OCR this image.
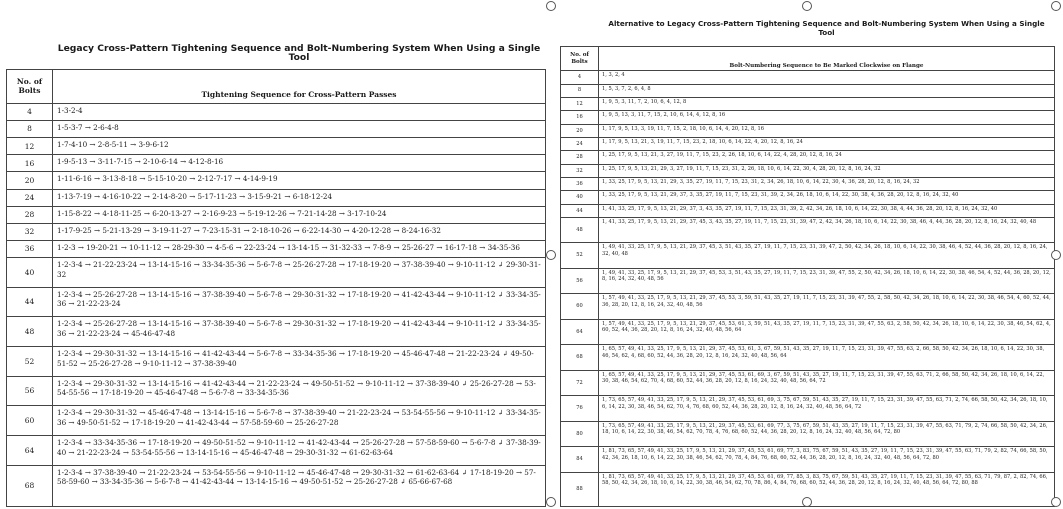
	Legacy Cross-Pattern Tightening Sequence and Bolt-Numbering System When Using a Single Tool
No. of Bolts	Tightening Sequence for Cross-Pattern Passes
4	1-3-2-4
8	1-5-3-7 → 2-6-4-8
12	1-7-4-10 → 2-8-5-11 → 3-9-6-12
16	1-9-5-13 → 3-11-7-15 → 2-10-6-14 → 4-12-8-16
20	1-11-6-16 → 3-13-8-18 → 5-15-10-20 → 2-12-7-17 → 4-14-9-19
24	1-13-7-19 → 4-16-10-22 → 2-14-8-20 → 5-17-11-23 → 3-15-9-21 → 6-18-12-24
28	1-15-8-22 → 4-18-11-25 → 6-20-13-27 → 2-16-9-23 → 5-19-12-26 → 7-21-14-28 → 3-17-10-24
32	1-17-9-25 → 5-21-13-29 → 3-19-11-27 → 7-23-15-31 → 2-18-10-26 → 6-22-14-30 → 4-20-12-28 → 8-24-16-32
36	1-2-3 → 19-20-21 → 10-11-12 → 28-29-30 → 4-5-6 → 22-23-24 → 13-14-15 → 31-32-33 → 7-8-9 → 25-26-27 → 16-17-18 → 34-35-36
40	1-2-3-4 → 21-22-23-24 → 13-14-15-16 → 33-34-35-36 → 5-6-7-8 → 25-26-27-28 → 17-18-19-20 → 37-38-39-40 → 9-10-11-12 ↲ 29-30-31-32
44	1-2-3-4 → 25-26-27-28 → 13-14-15-16 → 37-38-39-40 → 5-6-7-8 → 29-30-31-32 → 17-18-19-20 → 41-42-43-44 → 9-10-11-12 ↲ 33-34-35-36 → 21-22-23-24
48	1-2-3-4 → 25-26-27-28 → 13-14-15-16 → 37-38-39-40 → 5-6-7-8 → 29-30-31-32 → 17-18-19-20 → 41-42-43-44 → 9-10-11-12 ↲ 33-34-35-36 → 21-22-23-24 → 45-46-47-48
52	1-2-3-4 → 29-30-31-32 → 13-14-15-16 → 41-42-43-44 → 5-6-7-8 → 33-34-35-36 → 17-18-19-20 → 45-46-47-48 → 21-22-23-24 ↲ 49-50-51-52 → 25-26-27-28 → 9-10-11-12 → 37-38-39-40
56	1-2-3-4 → 29-30-31-32 → 13-14-15-16 → 41-42-43-44 → 21-22-23-24 → 49-50-51-52 → 9-10-11-12 → 37-38-39-40 ↲ 25-26-27-28 → 53-54-55-56 → 17-18-19-20 → 45-46-47-48 → 5-6-7-8 → 33-34-35-36
60	1-2-3-4 → 29-30-31-32 → 45-46-47-48 → 13-14-15-16 → 5-6-7-8 → 37-38-39-40 → 21-22-23-24 → 53-54-55-56 → 9-10-11-12 ↲ 33-34-35-36 → 49-50-51-52 → 17-18-19-20 → 41-42-43-44 → 57-58-59-60 → 25-26-27-28
64	1-2-3-4 → 33-34-35-36 → 17-18-19-20 → 49-50-51-52 → 9-10-11-12 → 41-42-43-44 → 25-26-27-28 → 57-58-59-60 → 5-6-7-8 ↲ 37-38-39-40 → 21-22-23-24 → 53-54-55-56 → 13-14-15-16 → 45-46-47-48 → 29-30-31-32 → 61-62-63-64
68	1-2-3-4 → 37-38-39-40 → 21-22-23-24 → 53-54-55-56 → 9-10-11-12 → 45-46-47-48 → 29-30-31-32 → 61-62-63-64 ↲ 17-18-19-20 → 57-58-59-60 → 33-34-35-36 → 5-6-7-8 → 41-42-43-44 → 13-14-15-16 → 49-50-51-52 → 25-26-27-28 ↲ 65-66-67-68
	Alternative to Legacy Cross-Pattern Tightening Sequence and Bolt-Numbering System When Using a Single Tool
No. of Bolts	Bolt-Numbering Sequence to Be Marked Clockwise on Flange
4	1, 3, 2, 4
8	1, 5, 3, 7, 2, 6, 4, 8
12	1, 9, 5, 3, 11, 7, 2, 10, 6, 4, 12, 8
16	1, 9, 5, 13, 3, 11, 7, 15, 2, 10, 6, 14, 4, 12, 8, 16
20	1, 17, 9, 5, 13, 3, 19, 11, 7, 15, 2, 18, 10, 6, 14, 4, 20, 12, 8, 16
24	1, 17, 9, 5, 13, 21, 3, 19, 11, 7, 15, 23, 2, 18, 10, 6, 14, 22, 4, 20, 12, 8, 16, 24
28	1, 25, 17, 9, 5, 13, 21, 3, 27, 19, 11, 7, 15, 23, 2, 26, 18, 10, 6, 14, 22, 4, 28, 20, 12, 8, 16, 24
32	1, 25, 17, 9, 5, 13, 21, 29, 3, 27, 19, 11, 7, 15, 23, 31, 2, 26, 18, 10, 6, 14, 22, 30, 4, 28, 20, 12, 8, 16, 24, 32
36	1, 33, 25, 17, 9, 5, 13, 21, 29, 3, 35, 27, 19, 11, 7, 15, 23, 31, 2, 34, 26, 18, 10, 6, 14, 22, 30, 4, 36, 28, 20, 12, 8, 16, 24, 32
40	1, 33, 25, 17, 9, 5, 13, 21, 29, 37, 3, 35, 27, 19, 11, 7, 15, 23, 31, 39, 2, 34, 26, 18, 10, 6, 14, 22, 30, 38, 4, 36, 28, 20, 12, 8, 16, 24, 32, 40
44	1, 41, 33, 25, 17, 9, 5, 13, 21, 29, 37, 3, 43, 35, 27, 19, 11, 7, 15, 23, 31, 39, 2, 42, 34, 26, 18, 10, 6, 14, 22, 30, 38, 4, 44, 36, 28, 20, 12, 8, 16, 24, 32, 40
48	1, 41, 33, 25, 17, 9, 5, 13, 21, 29, 37, 45, 3, 43, 35, 27, 19, 11, 7, 15, 23, 31, 39, 47, 2, 42, 34, 26, 18, 10, 6, 14, 22, 30, 38, 46, 4, 44, 36, 28, 20, 12, 8, 16, 24, 32, 40, 48
52	1, 49, 41, 33, 25, 17, 9, 5, 13, 21, 29, 37, 45, 3, 51, 43, 35, 27, 19, 11, 7, 15, 23, 31, 39, 47, 2, 50, 42, 34, 26, 18, 10, 6, 14, 22, 30, 38, 46, 4, 52, 44, 36, 28, 20, 12, 8, 16, 24, 32, 40, 48
56	1, 49, 41, 33, 25, 17, 9, 5, 13, 21, 29, 37, 45, 53, 3, 51, 43, 35, 27, 19, 11, 7, 15, 23, 31, 39, 47, 55, 2, 50, 42, 34, 26, 18, 10, 6, 14, 22, 30, 38, 46, 54, 4, 52, 44, 36, 28, 20, 12, 8, 16, 24, 32, 40, 48, 56
60	1, 57, 49, 41, 33, 25, 17, 9, 5, 13, 21, 29, 37, 45, 53, 3, 59, 51, 43, 35, 27, 19, 11, 7, 15, 23, 31, 39, 47, 55, 2, 58, 50, 42, 34, 26, 18, 10, 6, 14, 22, 30, 38, 46, 54, 4, 60, 52, 44, 36, 28, 20, 12, 8, 16, 24, 32, 40, 48, 56
64	1, 57, 49, 41, 33, 25, 17, 9, 5, 13, 21, 29, 37, 45, 53, 61, 3, 59, 51, 43, 35, 27, 19, 11, 7, 15, 23, 31, 39, 47, 55, 63, 2, 58, 50, 42, 34, 26, 18, 10, 6, 14, 22, 30, 38, 46, 54, 62, 4, 60, 52, 44, 36, 28, 20, 12, 8, 16, 24, 32, 40, 48, 56, 64
68	1, 65, 57, 49, 41, 33, 25, 17, 9, 5, 13, 21, 29, 37, 45, 53, 61, 3, 67, 59, 51, 43, 35, 27, 19, 11, 7, 15, 23, 31, 39, 47, 55, 63, 2, 66, 58, 50, 42, 34, 26, 18, 10, 6, 14, 22, 30, 38, 46, 54, 62, 4, 68, 60, 52, 44, 36, 28, 20, 12, 8, 16, 24, 32, 40, 48, 56, 64
72	1, 65, 57, 49, 41, 33, 25, 17, 9, 5, 13, 21, 29, 37, 45, 53, 61, 69, 3, 67, 59, 51, 43, 35, 27, 19, 11, 7, 15, 23, 31, 39, 47, 55, 63, 71, 2, 66, 58, 50, 42, 34, 26, 18, 10, 6, 14, 22, 30, 38, 46, 54, 62, 70, 4, 68, 60, 52, 44, 36, 28, 20, 12, 8, 16, 24, 32, 40, 48, 56, 64, 72
76	1, 73, 65, 57, 49, 41, 33, 25, 17, 9, 5, 13, 21, 29, 37, 45, 53, 61, 69, 3, 75, 67, 59, 51, 43, 35, 27, 19, 11, 7, 15, 23, 31, 39, 47, 55, 63, 71, 2, 74, 66, 58, 50, 42, 34, 26, 18, 10, 6, 14, 22, 30, 38, 46, 54, 62, 70, 4, 76, 68, 60, 52, 44, 36, 28, 20, 12, 8, 16, 24, 32, 40, 48, 56, 64, 72
80	1, 73, 65, 57, 49, 41, 33, 25, 17, 9, 5, 13, 21, 29, 37, 45, 53, 61, 69, 77, 3, 75, 67, 59, 51, 43, 35, 27, 19, 11, 7, 15, 23, 31, 39, 47, 55, 63, 71, 79, 2, 74, 66, 58, 50, 42, 34, 26, 18, 10, 6, 14, 22, 30, 38, 46, 54, 62, 70, 78, 4, 76, 68, 60, 52, 44, 36, 28, 20, 12, 8, 16, 24, 32, 40, 48, 56, 64, 72, 80
84	1, 81, 73, 65, 57, 49, 41, 33, 25, 17, 9, 5, 13, 21, 29, 37, 45, 53, 61, 69, 77, 3, 83, 75, 67, 59, 51, 43, 35, 27, 19, 11, 7, 15, 23, 31, 39, 47, 55, 63, 71, 79, 2, 82, 74, 66, 58, 50, 42, 34, 26, 18, 10, 6, 14, 22, 30, 38, 46, 54, 62, 70, 78, 4, 84, 76, 68, 60, 52, 44, 36, 28, 20, 12, 8, 16, 24, 32, 40, 48, 56, 64, 72, 80
88	1, 81, 73, 65, 57, 49, 41, 33, 25, 17, 9, 5, 13, 21, 29, 37, 45, 53, 61, 69, 77, 85, 3, 83, 75, 67, 59, 51, 43, 35, 27, 19, 11, 7, 15, 23, 31, 39, 47, 55, 63, 71, 79, 87, 2, 82, 74, 66, 58, 50, 42, 34, 26, 18, 10, 6, 14, 22, 30, 38, 46, 54, 62, 70, 78, 86, 4, 84, 76, 68, 60, 52, 44, 36, 28, 20, 12, 8, 16, 24, 32, 40, 48, 56, 64, 72, 80, 88
